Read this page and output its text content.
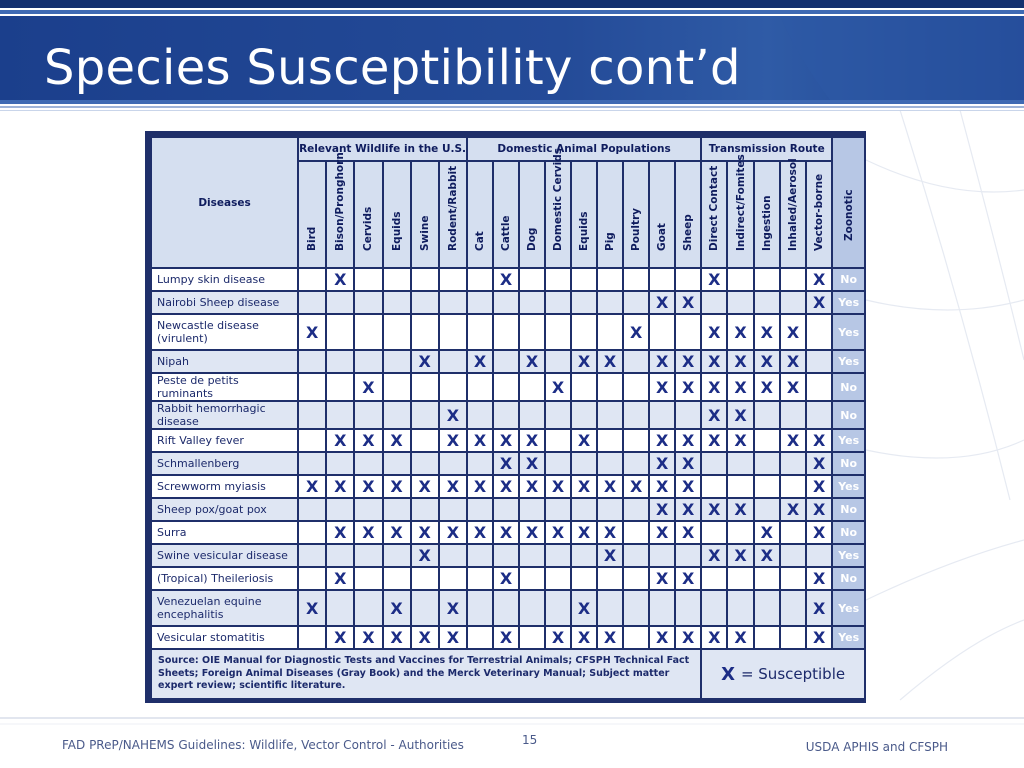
Species Susceptibility cont’d
Diseases	Relevant Wildlife in the U.S.						Domestic Animal Populations									Transmission Route					Zoonotic

	Bird	Bison/Pronghorn	Cervids	Equids	Swine	Rodent/Rabbit	Cat	Cattle	Dog	Domestic Cervids	Equids	Pig	Poultry	Goat	Sheep	Direct Contact	Indirect/Fomites	Ingestion	Inhaled/Aerosol	Vector-borne	

Lumpy skin disease		X						X								X				X	No
Nairobi Sheep disease														X	X					X	Yes
Newcastle disease (virulent)	X												X			X	X	X	X		Yes
Nipah					X		X		X		X	X		X	X	X	X	X	X		Yes
Peste de petits ruminants			X							X				X	X	X	X	X	X		No
Rabbit hemorrhagic disease						X										X	X				No
Rift Valley fever		X	X	X		X	X	X	X		X			X	X	X	X		X	X	Yes
Schmallenberg								X	X					X	X					X	No
Screwworm myiasis	X	X	X	X	X	X	X	X	X	X	X	X	X	X	X					X	Yes
Sheep pox/goat pox														X	X	X	X		X	X	No
Surra		X	X	X	X	X	X	X	X	X	X	X		X	X			X		X	No
Swine vesicular disease					X							X				X	X	X			Yes
(Tropical) Theileriosis		X						X						X	X					X	No
Venezuelan equine encephalitis	X			X		X					X									X	Yes
Vesicular stomatitis		X	X	X	X	X		X		X	X	X		X	X	X	X			X	Yes

Source: OIE Manual for Diagnostic Tests and Vaccines for Terrestrial Animals; CFSPH Technical Fact Sheets; Foreign Animal Diseases (Gray Book) and the Merck Veterinary Manual; Subject matter expert review; scientific literature.																X = Susceptible					
FAD PReP/NAHEMS Guidelines: Wildlife, Vector Control - Authorities	15	USDA APHIS and CFSPH
